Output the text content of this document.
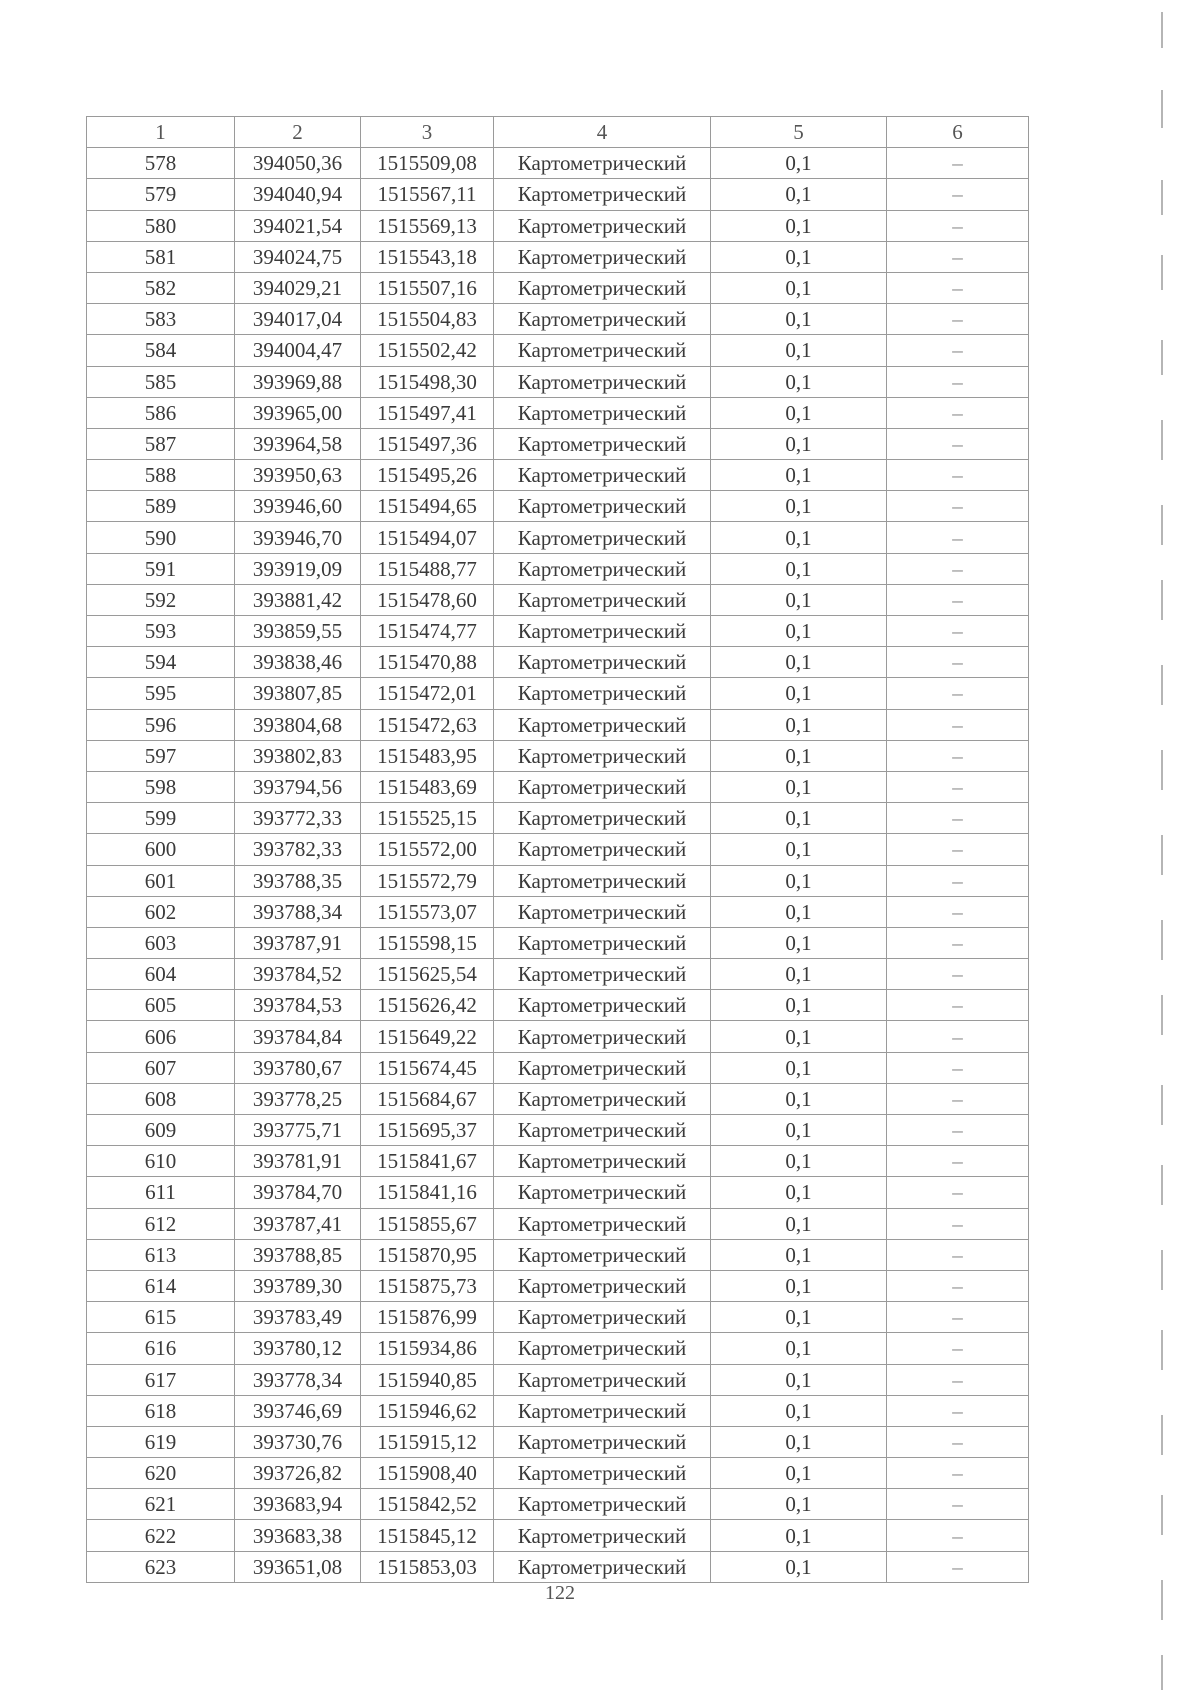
1	2	3	4	5	6
578	394050,36	1515509,08	Картометрический	0,1	–
579	394040,94	1515567,11	Картометрический	0,1	–
580	394021,54	1515569,13	Картометрический	0,1	–
581	394024,75	1515543,18	Картометрический	0,1	–
582	394029,21	1515507,16	Картометрический	0,1	–
583	394017,04	1515504,83	Картометрический	0,1	–
584	394004,47	1515502,42	Картометрический	0,1	–
585	393969,88	1515498,30	Картометрический	0,1	–
586	393965,00	1515497,41	Картометрический	0,1	–
587	393964,58	1515497,36	Картометрический	0,1	–
588	393950,63	1515495,26	Картометрический	0,1	–
589	393946,60	1515494,65	Картометрический	0,1	–
590	393946,70	1515494,07	Картометрический	0,1	–
591	393919,09	1515488,77	Картометрический	0,1	–
592	393881,42	1515478,60	Картометрический	0,1	–
593	393859,55	1515474,77	Картометрический	0,1	–
594	393838,46	1515470,88	Картометрический	0,1	–
595	393807,85	1515472,01	Картометрический	0,1	–
596	393804,68	1515472,63	Картометрический	0,1	–
597	393802,83	1515483,95	Картометрический	0,1	–
598	393794,56	1515483,69	Картометрический	0,1	–
599	393772,33	1515525,15	Картометрический	0,1	–
600	393782,33	1515572,00	Картометрический	0,1	–
601	393788,35	1515572,79	Картометрический	0,1	–
602	393788,34	1515573,07	Картометрический	0,1	–
603	393787,91	1515598,15	Картометрический	0,1	–
604	393784,52	1515625,54	Картометрический	0,1	–
605	393784,53	1515626,42	Картометрический	0,1	–
606	393784,84	1515649,22	Картометрический	0,1	–
607	393780,67	1515674,45	Картометрический	0,1	–
608	393778,25	1515684,67	Картометрический	0,1	–
609	393775,71	1515695,37	Картометрический	0,1	–
610	393781,91	1515841,67	Картометрический	0,1	–
611	393784,70	1515841,16	Картометрический	0,1	–
612	393787,41	1515855,67	Картометрический	0,1	–
613	393788,85	1515870,95	Картометрический	0,1	–
614	393789,30	1515875,73	Картометрический	0,1	–
615	393783,49	1515876,99	Картометрический	0,1	–
616	393780,12	1515934,86	Картометрический	0,1	–
617	393778,34	1515940,85	Картометрический	0,1	–
618	393746,69	1515946,62	Картометрический	0,1	–
619	393730,76	1515915,12	Картометрический	0,1	–
620	393726,82	1515908,40	Картометрический	0,1	–
621	393683,94	1515842,52	Картометрический	0,1	–
622	393683,38	1515845,12	Картометрический	0,1	–
623	393651,08	1515853,03	Картометрический	0,1	–
122
